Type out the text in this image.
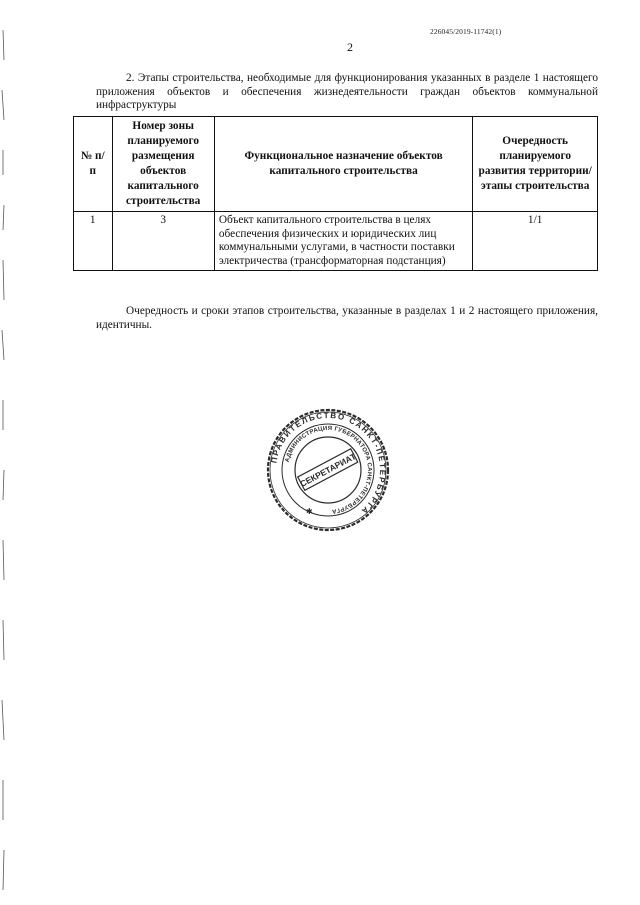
226045/2019-11742(1)
2

2. Этапы строительства, необходимые для функционирования указанных в разделе 1 настоящего приложения объектов и обеспечения жизнедеятельности граждан объектов коммунальной инфраструктуры

№ п/п	Номер зоны планируемого размещения объектов капитального строительства	Функциональное назначение объектов капитального строительства	Очередность планируемого развития территории/этапы строительства
1	3	Объект капитального строительства в целях обеспечения физических и юридических лиц коммунальными услугами, в частности поставки электричества (трансформаторная подстанция)	1/1

Очередность и сроки этапов строительства, указанные в разделах 1 и 2 настоящего приложения, идентичны.

ПРАВИТЕЛЬСТВО САНКТ-ПЕТЕРБУРГА
АДМИНИСТРАЦИЯ ГУБЕРНАТОРА САНКТ-ПЕТЕРБУРГА
СЕКРЕТАРИАТ
✱
